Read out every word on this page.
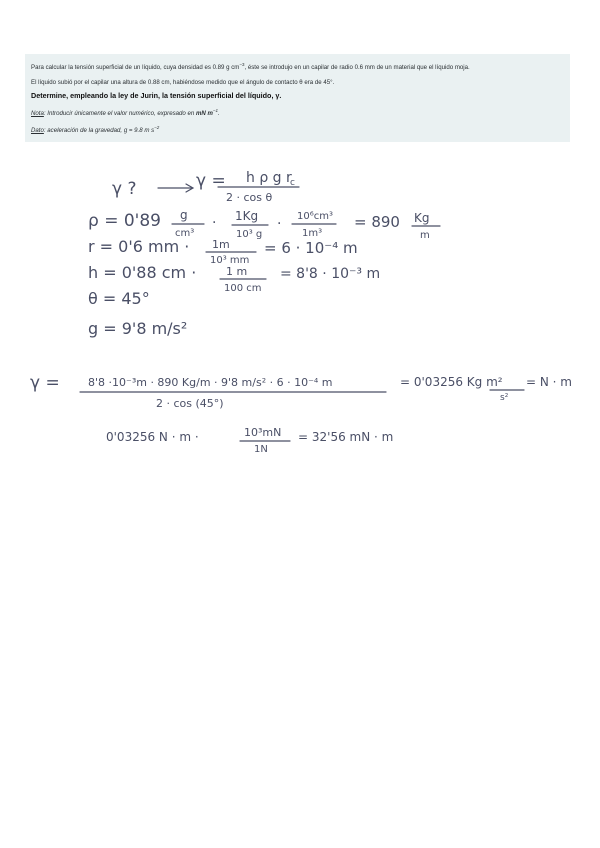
Para calcular la tensión superficial de un líquido, cuya densidad es 0.89 g $cm^{-3}$, éste se introdujo en un capilar de radio 0.6 mm de un material que el líquido moja.

El líquido subió por el capilar una altura de 0.88 cm, habiéndose medido que el ángulo de contacto θ era de 45°.

Determine, empleando la ley de Jurin, la tensión superficial del líquido, γ.

Nota: Introducir únicamente el valor numérico, expresado en mN $m^{-1}$.

Dato: aceleración de la gravedad, g = 9.8 m $s^{-2}$

γ ?	γ = h ρ g r
c
2 · cos θ
ρ = 0'89 g
cm³
· 1Kg
10³ g
· 10⁶cm³
1m³
= 890 Kg
m
r = 0'6 mm · 1m
10³ mm
= 6 · 10⁻⁴ m
h = 0'88 cm ·	1 m
100 cm
= 8'8 · 10⁻³ m
θ = 45°
g = 9'8 m/s²
γ =	8'8 ·10⁻³m · 890 Kg/m · 9'8 m/s² · 6 · 10⁻⁴ m
2 · cos (45°)
= 0'03256 Kg m²
s²
= N · m
0'03256 N · m ·	10³mN
1N
= 32'56 mN · m
